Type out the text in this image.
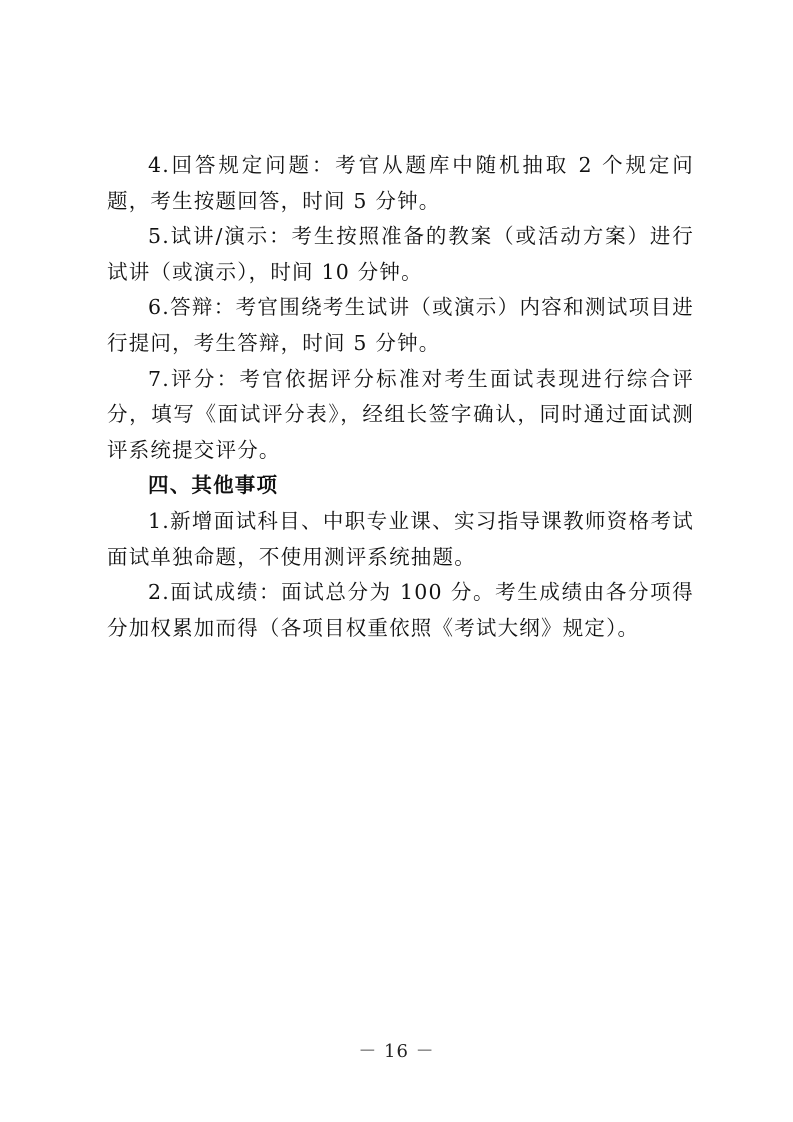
4.回答规定问题：考官从题库中随机抽取 2 个规定问题，考生按题回答，时间 5 分钟。

5.试讲/演示：考生按照准备的教案（或活动方案）进行试讲（或演示），时间 10 分钟。

6.答辩：考官围绕考生试讲（或演示）内容和测试项目进行提问，考生答辩，时间 5 分钟。

7.评分：考官依据评分标准对考生面试表现进行综合评分，填写《面试评分表》，经组长签字确认，同时通过面试测评系统提交评分。

四、其他事项

1.新增面试科目、中职专业课、实习指导课教师资格考试面试单独命题，不使用测评系统抽题。

2.面试成绩：面试总分为 100 分。考生成绩由各分项得分加权累加而得（各项目权重依照《考试大纲》规定）。

－ 16 －
